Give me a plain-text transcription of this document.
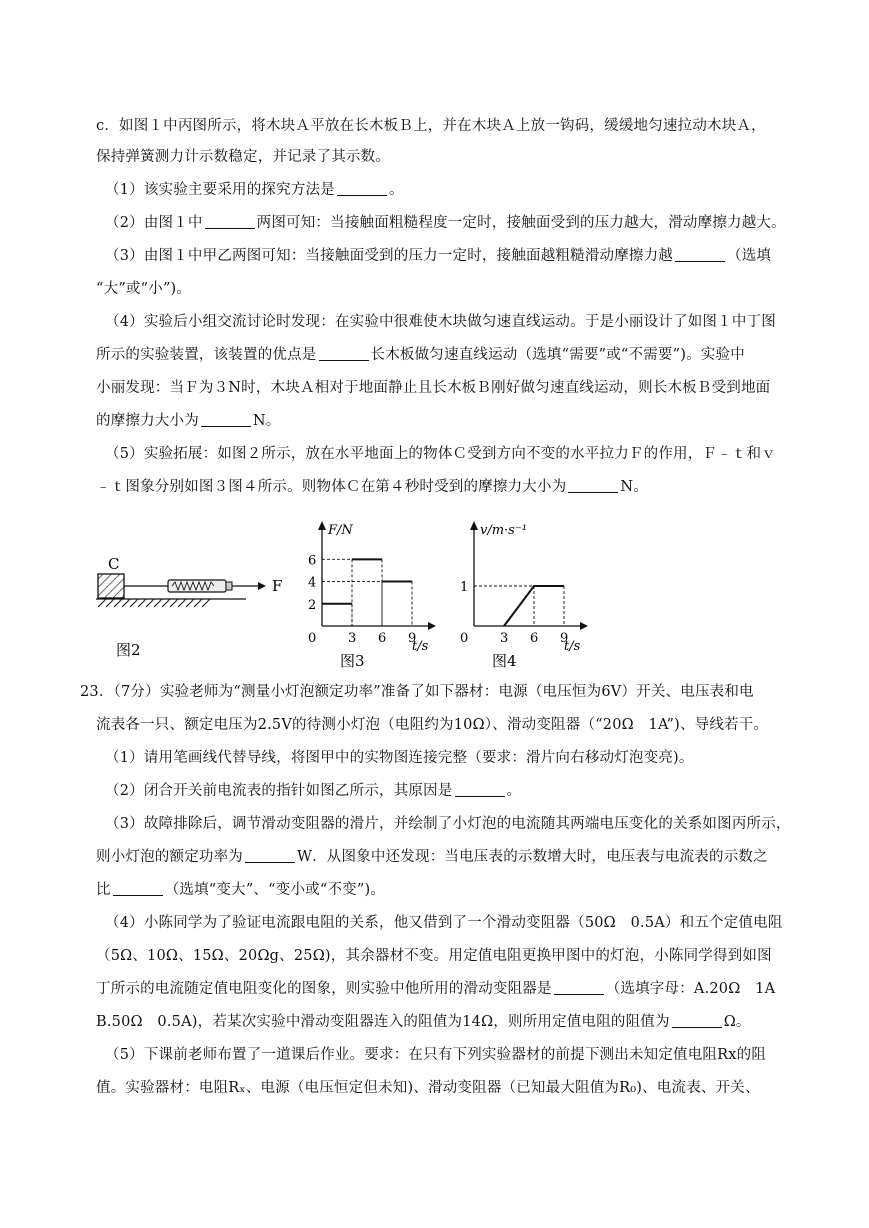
c．如图１中丙图所示，将木块Ａ平放在长木板Ｂ上，并在木块Ａ上放一钩码，缓缓地匀速拉动木块Ａ，
保持弹簧测力计示数稳定，并记录了其示数。
（1）该实验主要采用的探究方法是	。
（2）由图１中	两图可知：当接触面粗糙程度一定时，接触面受到的压力越大，滑动摩擦力越大。
（3）由图１中甲乙两图可知：当接触面受到的压力一定时，接触面越粗糙滑动摩擦力越	（选填
“大”或“小”)。
（4）实验后小组交流讨论时发现：在实验中很难使木块做匀速直线运动。于是小丽设计了如图１中丁图
所示的实验装置，该装置的优点是	长木板做匀速直线运动（选填“需要”或“不需要”)。实验中
小丽发现：当Ｆ为３N时，木块Ａ相对于地面静止且长木板Ｂ刚好做匀速直线运动，则长木板Ｂ受到地面
的摩擦力大小为	N。
（5）实验拓展：如图２所示，放在水平地面上的物体Ｃ受到方向不变的水平拉力Ｆ的作用，Ｆ﹣ｔ和ｖ
﹣ｔ图象分别如图３图４所示。则物体Ｃ在第４秒时受到的摩擦力大小为	N。
23．（7分）实验老师为“测量小灯泡额定功率”准备了如下器材：电源（电压恒为6V）开关、电压表和电
流表各一只、额定电压为2.5V的待测小灯泡（电阻约为10Ω）、滑动变阻器（“20Ω　1A”)、导线若干。
（1）请用笔画线代替导线，将图甲中的实物图连接完整（要求：滑片向右移动灯泡变亮)。
（2）闭合开关前电流表的指针如图乙所示，其原因是	。
（3）故障排除后，调节滑动变阻器的滑片，并绘制了小灯泡的电流随其两端电压变化的关系如图丙所示，
则小灯泡的额定功率为	W．从图象中还发现：当电压表的示数增大时，电压表与电流表的示数之
比	（选填“变大”、“变小或“不变”)。
（4）小陈同学为了验证电流跟电阻的关系，他又借到了一个滑动变阻器（50Ω　0.5A）和五个定值电阻
（5Ω、10Ω、15Ω、20Ωg、25Ω)，其余器材不变。用定值电阻更换甲图中的灯泡，小陈同学得到如图
丁所示的电流随定值电阻变化的图象，则实验中他所用的滑动变阻器是	（选填字母：A.20Ω　1A
B.50Ω　0.5A)，若某次实验中滑动变阻器连入的阻值为14Ω，则所用定值电阻的阻值为	Ω。
（5）下课前老师布置了一道课后作业。要求：在只有下列实验器材的前提下测出未知定值电阻Rx的阻
值。实验器材：电阻Rₓ、电源（电压恒定但未知)、滑动变阻器（已知最大阻值为R₀)、电流表、开关、
C
F
图2
F/N
t/s
0 3 6 9
2
4
6
图3
v/m·s⁻¹
t/s
0 3 6 9
1
图4
